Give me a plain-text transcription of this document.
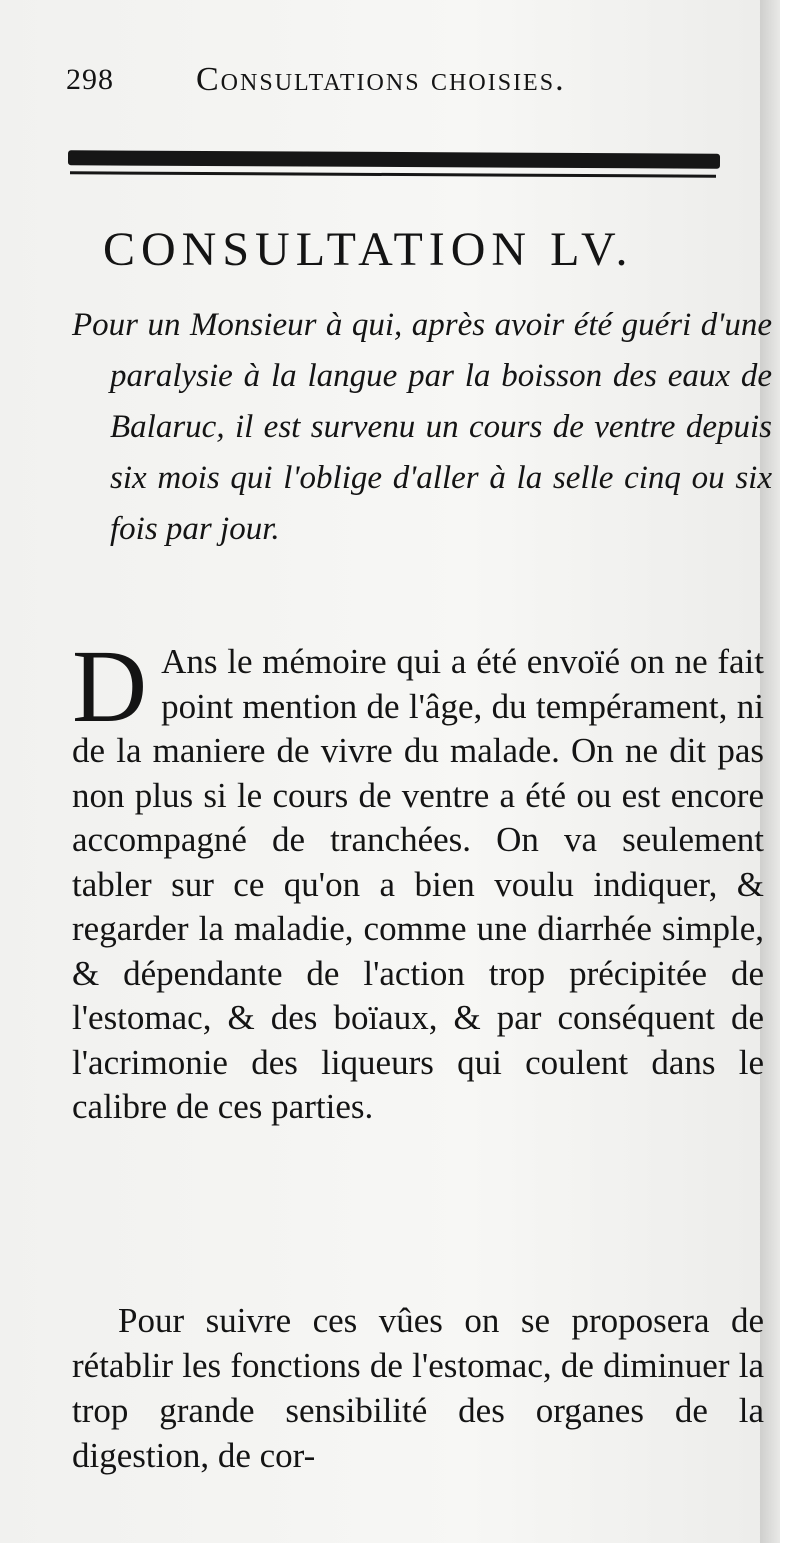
298 Consultations choisies.
CONSULTATION LV.

Pour un Monsieur à qui, après avoir été guéri d'une paralysie à la langue par la boisson des eaux de Balaruc, il est survenu un cours de ventre depuis six mois qui l'oblige d'aller à la selle cinq ou six fois par jour.

D Ans le mémoire qui a été envoïé on ne fait point mention de l'âge, du tempérament, ni de la maniere de vivre du malade. On ne dit pas non plus si le cours de ventre a été ou est encore accompagné de tranchées. On va seulement tabler sur ce qu'on a bien voulu indiquer, & regarder la maladie, comme une diarrhée simple, & dépendante de l'action trop précipitée de l'estomac, & des boïaux, & par conséquent de l'acrimonie des liqueurs qui coulent dans le calibre de ces parties.

Pour suivre ces vûes on se proposera de rétablir les fonctions de l'estomac, de diminuer la trop grande sensibilité des organes de la digestion, de cor-
